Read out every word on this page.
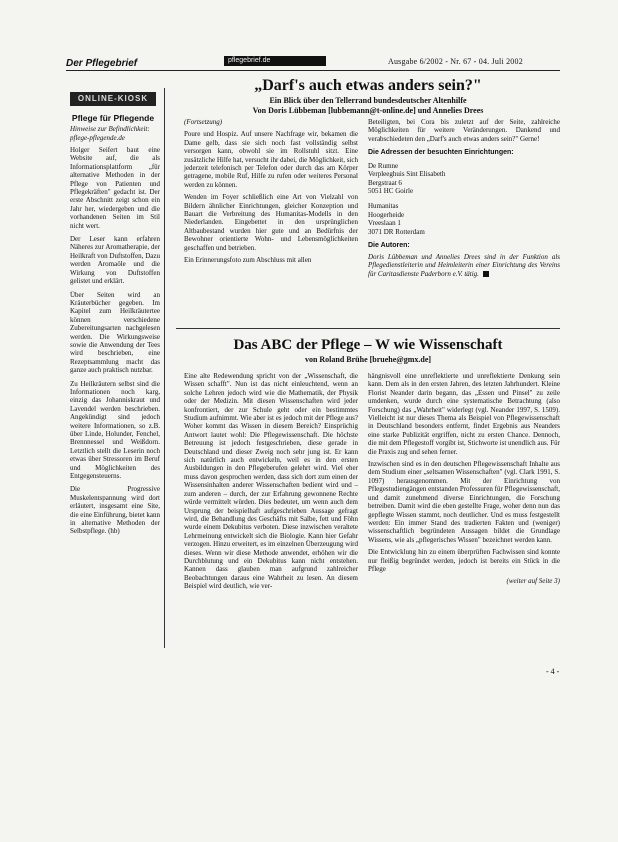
Der Pflegebrief	pflegebrief.de	Ausgabe 6/2002 - Nr. 67 - 04. Juli 2002
ONLINE-KIOSK
Pflege für Pflegende
Hinweise zur Befindlichkeit: pflege-pflegende.de

Holger Seifert baut eine Website auf, die als Informationsplattform „für alternative Methoden in der Pflege von Patienten und Pflegekräften" gedacht ist. Der erste Abschnitt zeigt schon ein Jahr her, wiedergeben und die vorhandenen Seiten im Stil nicht wert.

Der Leser kann erfahren Näheres zur Aromatherapie, der Heilkraft von Duftstoffen, Dazu werden Aromaöle und die Wirkung von Duftstoffen gelistet und erklärt.

Über Seiten wird an Kräuterbücher gegeben. Im Kapitel zum Heilkräutertee können verschiedene Zubereitungsarten nachgelesen werden. Die Wirkungsweise sowie die Anwendung der Tees wird beschrieben, eine Rezeptsammlung macht das ganze auch praktisch nutzbar.

Zu Heilkräutern selbst sind die Informationen noch karg, einzig das Johanniskraut und Lavendel werden beschrieben. Angekündigt sind jedoch weitere Informationen, so z.B. über Linde, Holunder, Fenchel, Brennnessel und Weißdorn. Letztlich stellt die Leserin noch etwas über Stressoren im Beruf und Möglichkeiten des Entgegensteuerns.

Die Progressive Muskelentspannung wird dort erläutert, insgesamt eine Site, die eine Einführung, bietet kann in alternative Methoden der Selbstpflege. (hb)

„Darf's auch etwas anders sein?"
Ein Blick über den Tellerrand bundesdeutscher Altenhilfe
Von Doris Lübbeman [lubbemann@t-online.de] und Annelies Drees

(Fortsetzung)

Poure und Hospiz. Auf unsere Nachfrage wir, bekamen die Dame gelb, dass sie sich noch fast vollständig selbst versorgen kann, obwohl sie im Rollstuhl sitzt. Eine zusätzliche Hilfe hat, versucht ihr dabei, die Möglichkeit, sich jederzeit telefonisch per Telefon oder durch das am Körper getragene, mobile Ruf, Hilfe zu rufen oder weiteres Personal werden zu können.

Wenden im Foyer schließlich eine Art von Vielzahl von Bildern ähnlicher Einrichtungen, gleicher Konzeption und Bauart die Verbreitung des Humanitas-Modells in den Niederlanden. Eingebettet in den ursprünglichen Altbaubestand wurden hier gute und an Bedürfnis der Bewohner orientierte Wohn- und Lebensmöglichkeiten geschaffen und betrieben.

Ein Erinnerungsfoto zum Abschluss mit allen

Beteiligten, bei Cora bis zuletzt auf der Seite, zahlreiche Möglichkeiten für weitere Veränderungen. Dankend und verabschiedeten den „Darf's auch etwas anders sein?" Gerne!

Die Adressen der besuchten Einrichtungen:
De Rumne
Verpleeghuis Sint Elisabeth
Bergstraat 6
5051 HC Goirle
Humanitas
Hoogerheide
Vreeslaan 1
3071 DR Rotterdam
Die Autoren:
Doris Lübbeman und Annelies Drees sind in der Funktion als Pflegedienstleiterin und Heimleiterin einer Einrichtung des Vereins für Caritasdienste Paderborn e.V. tätig.
Das ABC der Pflege – W wie Wissenschaft
von Roland Brühe [bruehe@gmx.de]

Eine alte Redewendung spricht von der „Wissenschaft, die Wissen schafft". Nun ist das nicht einleuchtend, wenn an solche Lehren jedoch wird wie die Mathematik, der Physik oder der Medizin. Mit diesen Wissenschaften wird jeder konfrontiert, der zur Schule geht oder ein bestimmtes Studium aufnimmt. Wie aber ist es jedoch mit der Pflege aus? Woher kommt das Wissen in diesem Bereich? Einsprüchig Antwort lautet wohl: Die Pflegewissenschaft. Die höchste Betreuung ist jedoch festgeschrieben, diese gerade in Deutschland und dieser Zweig noch sehr jung ist. Er kann sich natürlich auch entwickeln, weil es in den ersten Ausbildungen in den Pflegeberufen gelehrt wird. Viel eher muss davon gesprochen werden, dass sich dort zum einen der Wissensinhalten anderer Wissenschaften bedient wird und – zum anderen – durch, der zur Erfahrung gewonnene Rechte würde vermittelt würden. Dies bedeutet, um wenn auch dem Ursprung der beispielhaft aufgeschrieben Aussage gefragt wird, die Behandlung des Geschäfts mit Salbe, fett und Föhn wurde einem Dekubitus verboten. Diese inzwischen veraltete Lehrmeinung entwickelt sich die Biologie. Kann hier Gefahr verzogen. Hinzu erweitert, es im einzelnen Überzeugung wird dieses. Wenn wir diese Methode anwendet, erhöhen wir die Durchblutung und ein Dekubitus kann nicht entstehen. Kannen dass glauben man aufgrund zahlreicher Beobachtungen daraus eine Wahrheit zu lesen. An diesem Beispiel wird deutlich, wie ver-

hängnisvoll eine unreflektierte und unreflektierte Denkung sein kann. Dem als in den ersten Jahren, des letzten Jahrhundert. Kleine Florist Neander darin begann, das „Essen und Pinsel" zu zeile umdenken, wurde durch eine systematische Betrachtung (also Forschung) das „Wahrheit" widerlegt (vgl. Neander 1997, S. 1509). Vielleicht ist nur dieses Thema als Beispiel von Pflegewissenschaft in Deutschland besonders entfernt, findet Ergebnis aus Neanders eine starke Publizität ergriffen, nicht zu ersten Chance. Dennoch, die mit dem Pflegestoff vorgibt ist, Stichworte ist unendlich aus. Für die Praxis zug und sehen ferner.

Inzwischen sind es in den deutschen Pflegewissenschaft Inhalte aus dem Studium einer „seltsamen Wissenschaften" (vgl. Clark 1991, S. 1097) herausgenommen. Mit der Einrichtung von Pflegestudiengängen entstanden Professuren für Pflegewissenschaft, und damit zunehmend diverse Einrichtungen, die Forschung betreiben. Damit wird die eben gestellte Frage, woher denn nun das gepflegte Wissen stammt, noch deutlicher. Und es muss festgestellt werden: Ein immer Stand des tradierten Fakten und (weniger) wissenschaftlich begründeten Aussagen bildet die Grundlage Wissens, wie als „pflegerisches Wissen" bezeichnet werden kann.

Die Entwicklung hin zu einem überprüften Fachwissen sind konnte nur fleißig begründet werden, jedoch ist bereits ein Stück in die Pflege

(weiter auf Seite 3)
- 4 -
